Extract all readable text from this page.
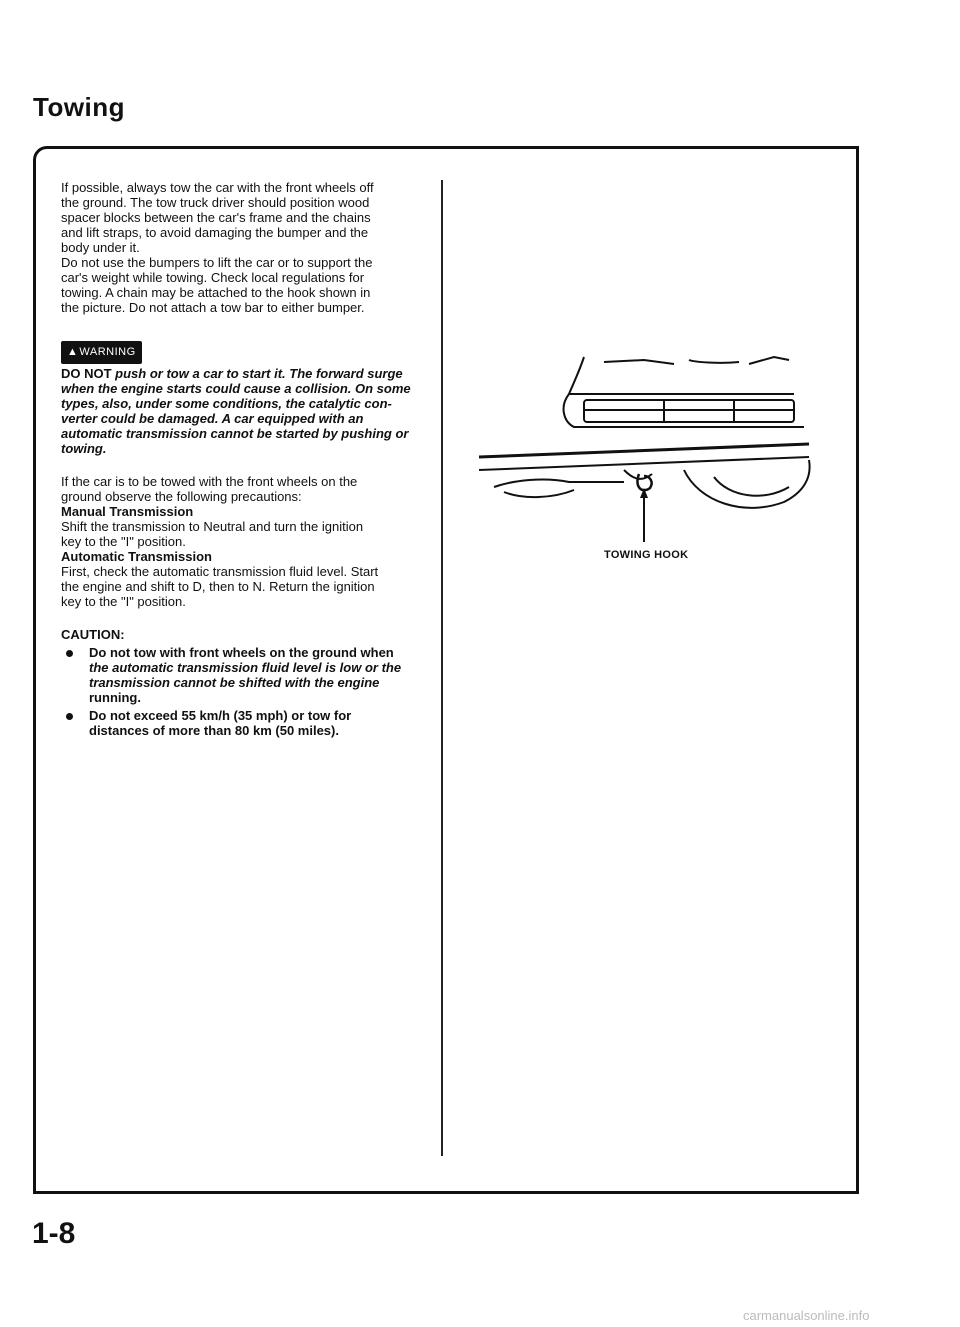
Towing

If possible, always tow the car with the front wheels off
the ground. The tow truck driver should position wood
spacer blocks between the car's frame and the chains
and lift straps, to avoid damaging the bumper and the
body under it.
Do not use the bumpers to lift the car or to support the
car's weight while towing. Check local regulations for
towing. A chain may be attached to the hook shown in
the picture. Do not attach a tow bar to either bumper.

▲WARNING

DO NOT push or tow a car to start it. The forward surge
when the engine starts could cause a collision. On some
types, also, under some conditions, the catalytic con-
verter could be damaged. A car equipped with an
automatic transmission cannot be started by pushing or
towing.

If the car is to be towed with the front wheels on the
ground observe the following precautions:
Manual Transmission
Shift the transmission to Neutral and turn the ignition
key to the "I" position.
Automatic Transmission
First, check the automatic transmission fluid level. Start
the engine and shift to D, then to N. Return the ignition
key to the "I" position.

CAUTION:
Do not tow with front wheels on the ground when
the automatic transmission fluid level is low or the
transmission cannot be shifted with the engine
running.
Do not exceed 55 km/h (35 mph) or tow for
distances of more than 80 km (50 miles).
TOWING HOOK
1-8
carmanualsonline.info
